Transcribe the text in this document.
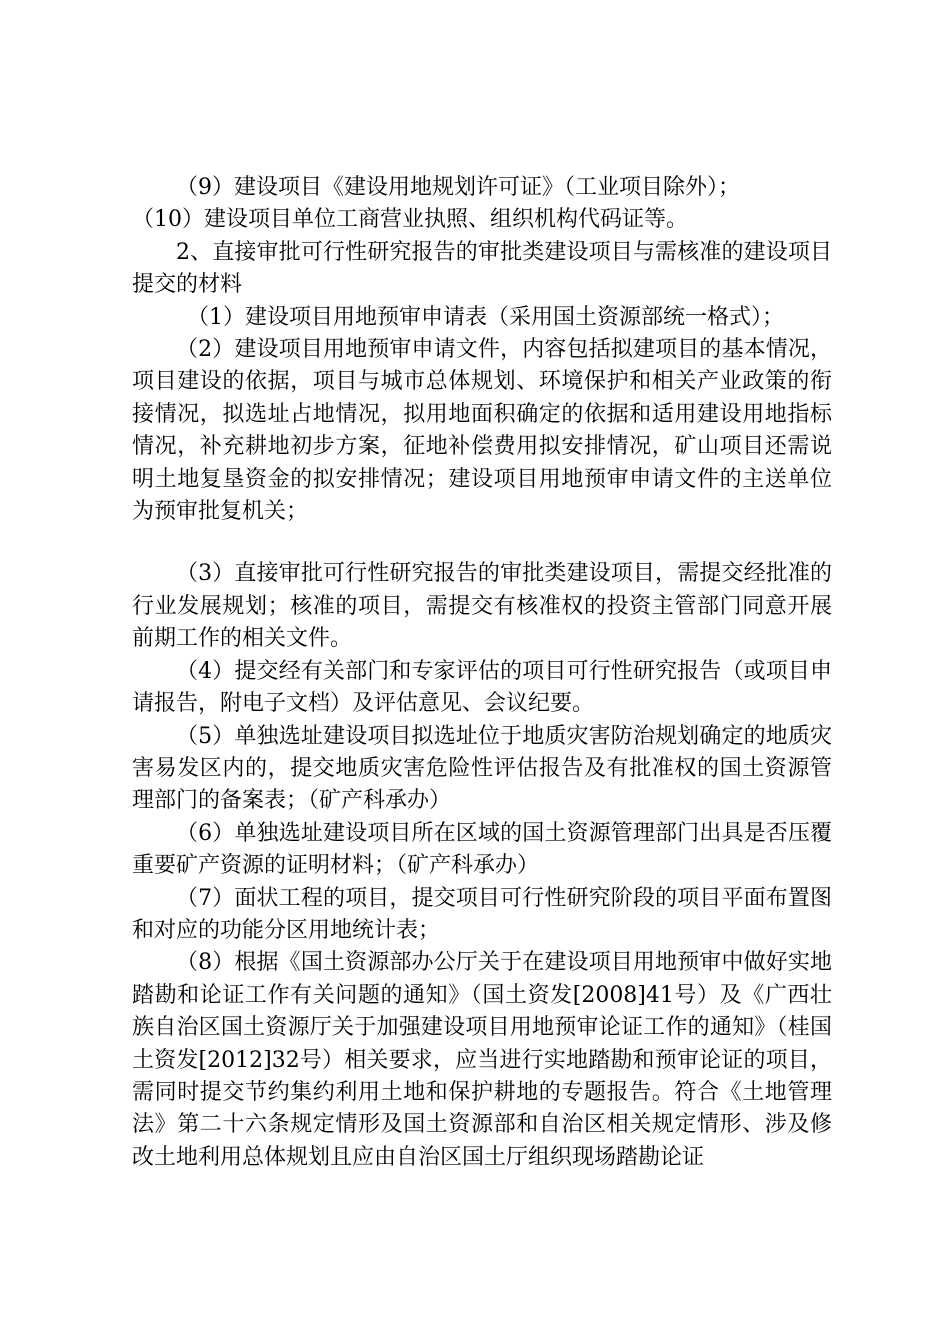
（9）建设项目《建设用地规划许可证》（工业项目除外）；

（10）建设项目单位工商营业执照、组织机构代码证等。

2、直接审批可行性研究报告的审批类建设项目与需核准的建设项目提交的材料

（1）建设项目用地预审申请表（采用国土资源部统一格式）；

（2）建设项目用地预审申请文件，内容包括拟建项目的基本情况，项目建设的依据，项目与城市总体规划、环境保护和相关产业政策的衔接情况，拟选址占地情况，拟用地面积确定的依据和适用建设用地指标情况，补充耕地初步方案，征地补偿费用拟安排情况，矿山项目还需说明土地复垦资金的拟安排情况；建设项目用地预审申请文件的主送单位为预审批复机关；

（3）直接审批可行性研究报告的审批类建设项目，需提交经批准的行业发展规划；核准的项目，需提交有核准权的投资主管部门同意开展前期工作的相关文件。

（4）提交经有关部门和专家评估的项目可行性研究报告（或项目申请报告，附电子文档）及评估意见、会议纪要。

（5）单独选址建设项目拟选址位于地质灾害防治规划确定的地质灾害易发区内的，提交地质灾害危险性评估报告及有批准权的国土资源管理部门的备案表；（矿产科承办）

（6）单独选址建设项目所在区域的国土资源管理部门出具是否压覆重要矿产资源的证明材料；（矿产科承办）

（7）面状工程的项目，提交项目可行性研究阶段的项目平面布置图和对应的功能分区用地统计表；

（8）根据《国土资源部办公厅关于在建设项目用地预审中做好实地踏勘和论证工作有关问题的通知》（国土资发[2008]41号）及《广西壮族自治区国土资源厅关于加强建设项目用地预审论证工作的通知》（桂国土资发[2012]32号）相关要求，应当进行实地踏勘和预审论证的项目，需同时提交节约集约利用土地和保护耕地的专题报告。符合《土地管理法》第二十六条规定情形及国土资源部和自治区相关规定情形、涉及修改土地利用总体规划且应由自治区国土厅组织现场踏勘论证
